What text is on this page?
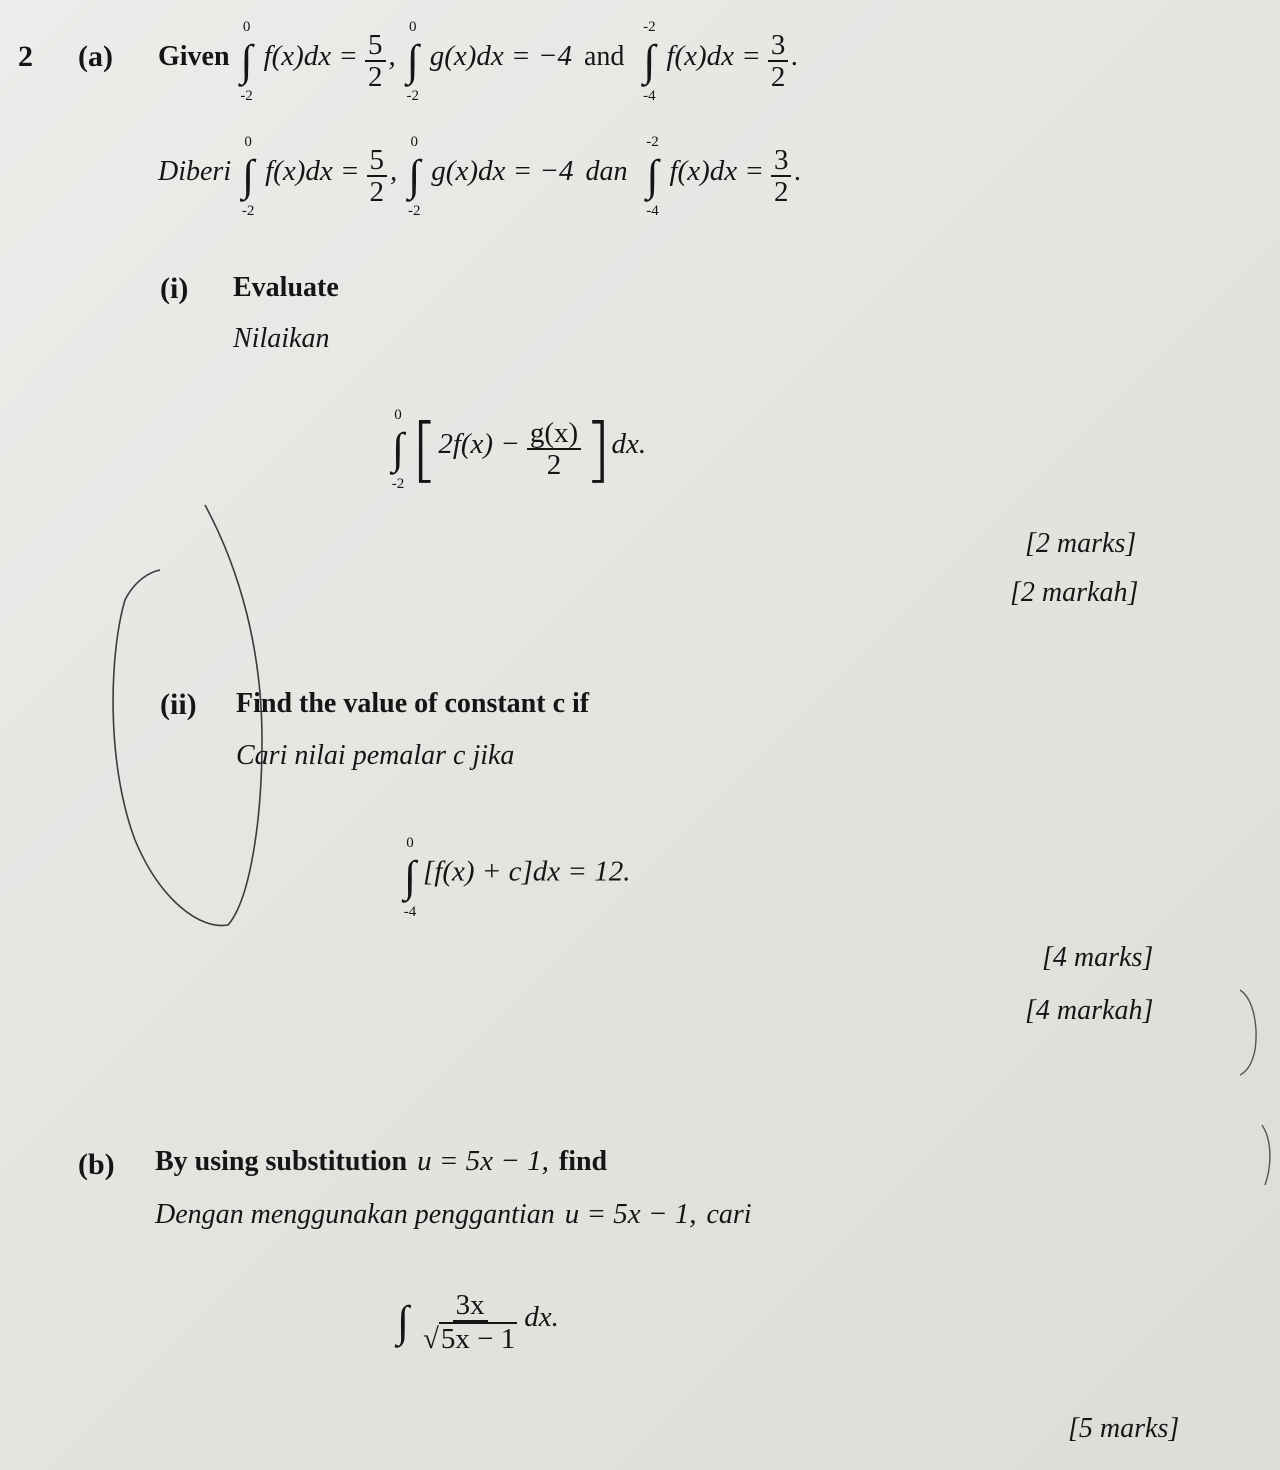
2 (a) Given
0
∫
-2
$f(x)dx = \frac{5}{2}$ ,
0
∫
-2
g(x)dx = −4 and
-2
∫
-4
$f(x)dx = \frac{3}{2}$ .
Diberi
0
∫
-2
$f(x)dx = \frac{5}{2}$ ,
0
∫
-2
g(x)dx = −4 dan
-2
∫
-4
$f(x)dx = \frac{3}{2}$ .
(i) Evaluate
Nilaikan
0
∫
-2 $[2f(x) - \frac{g(x)}{2} ]dx$.
[2 marks]
[2 markah]
(ii) Find the value of constant c if
Cari nilai pemalar c jika
0
∫
-4
[f(x) + c]dx = 12.
[4 marks]
[4 markah]
(b) By using substitution u = 5x − 1, find
Dengan menggunakan penggantian u = 5x − 1, cari
∫
$\frac{3x}{√5x - 1}$ dx.
[5 marks]
